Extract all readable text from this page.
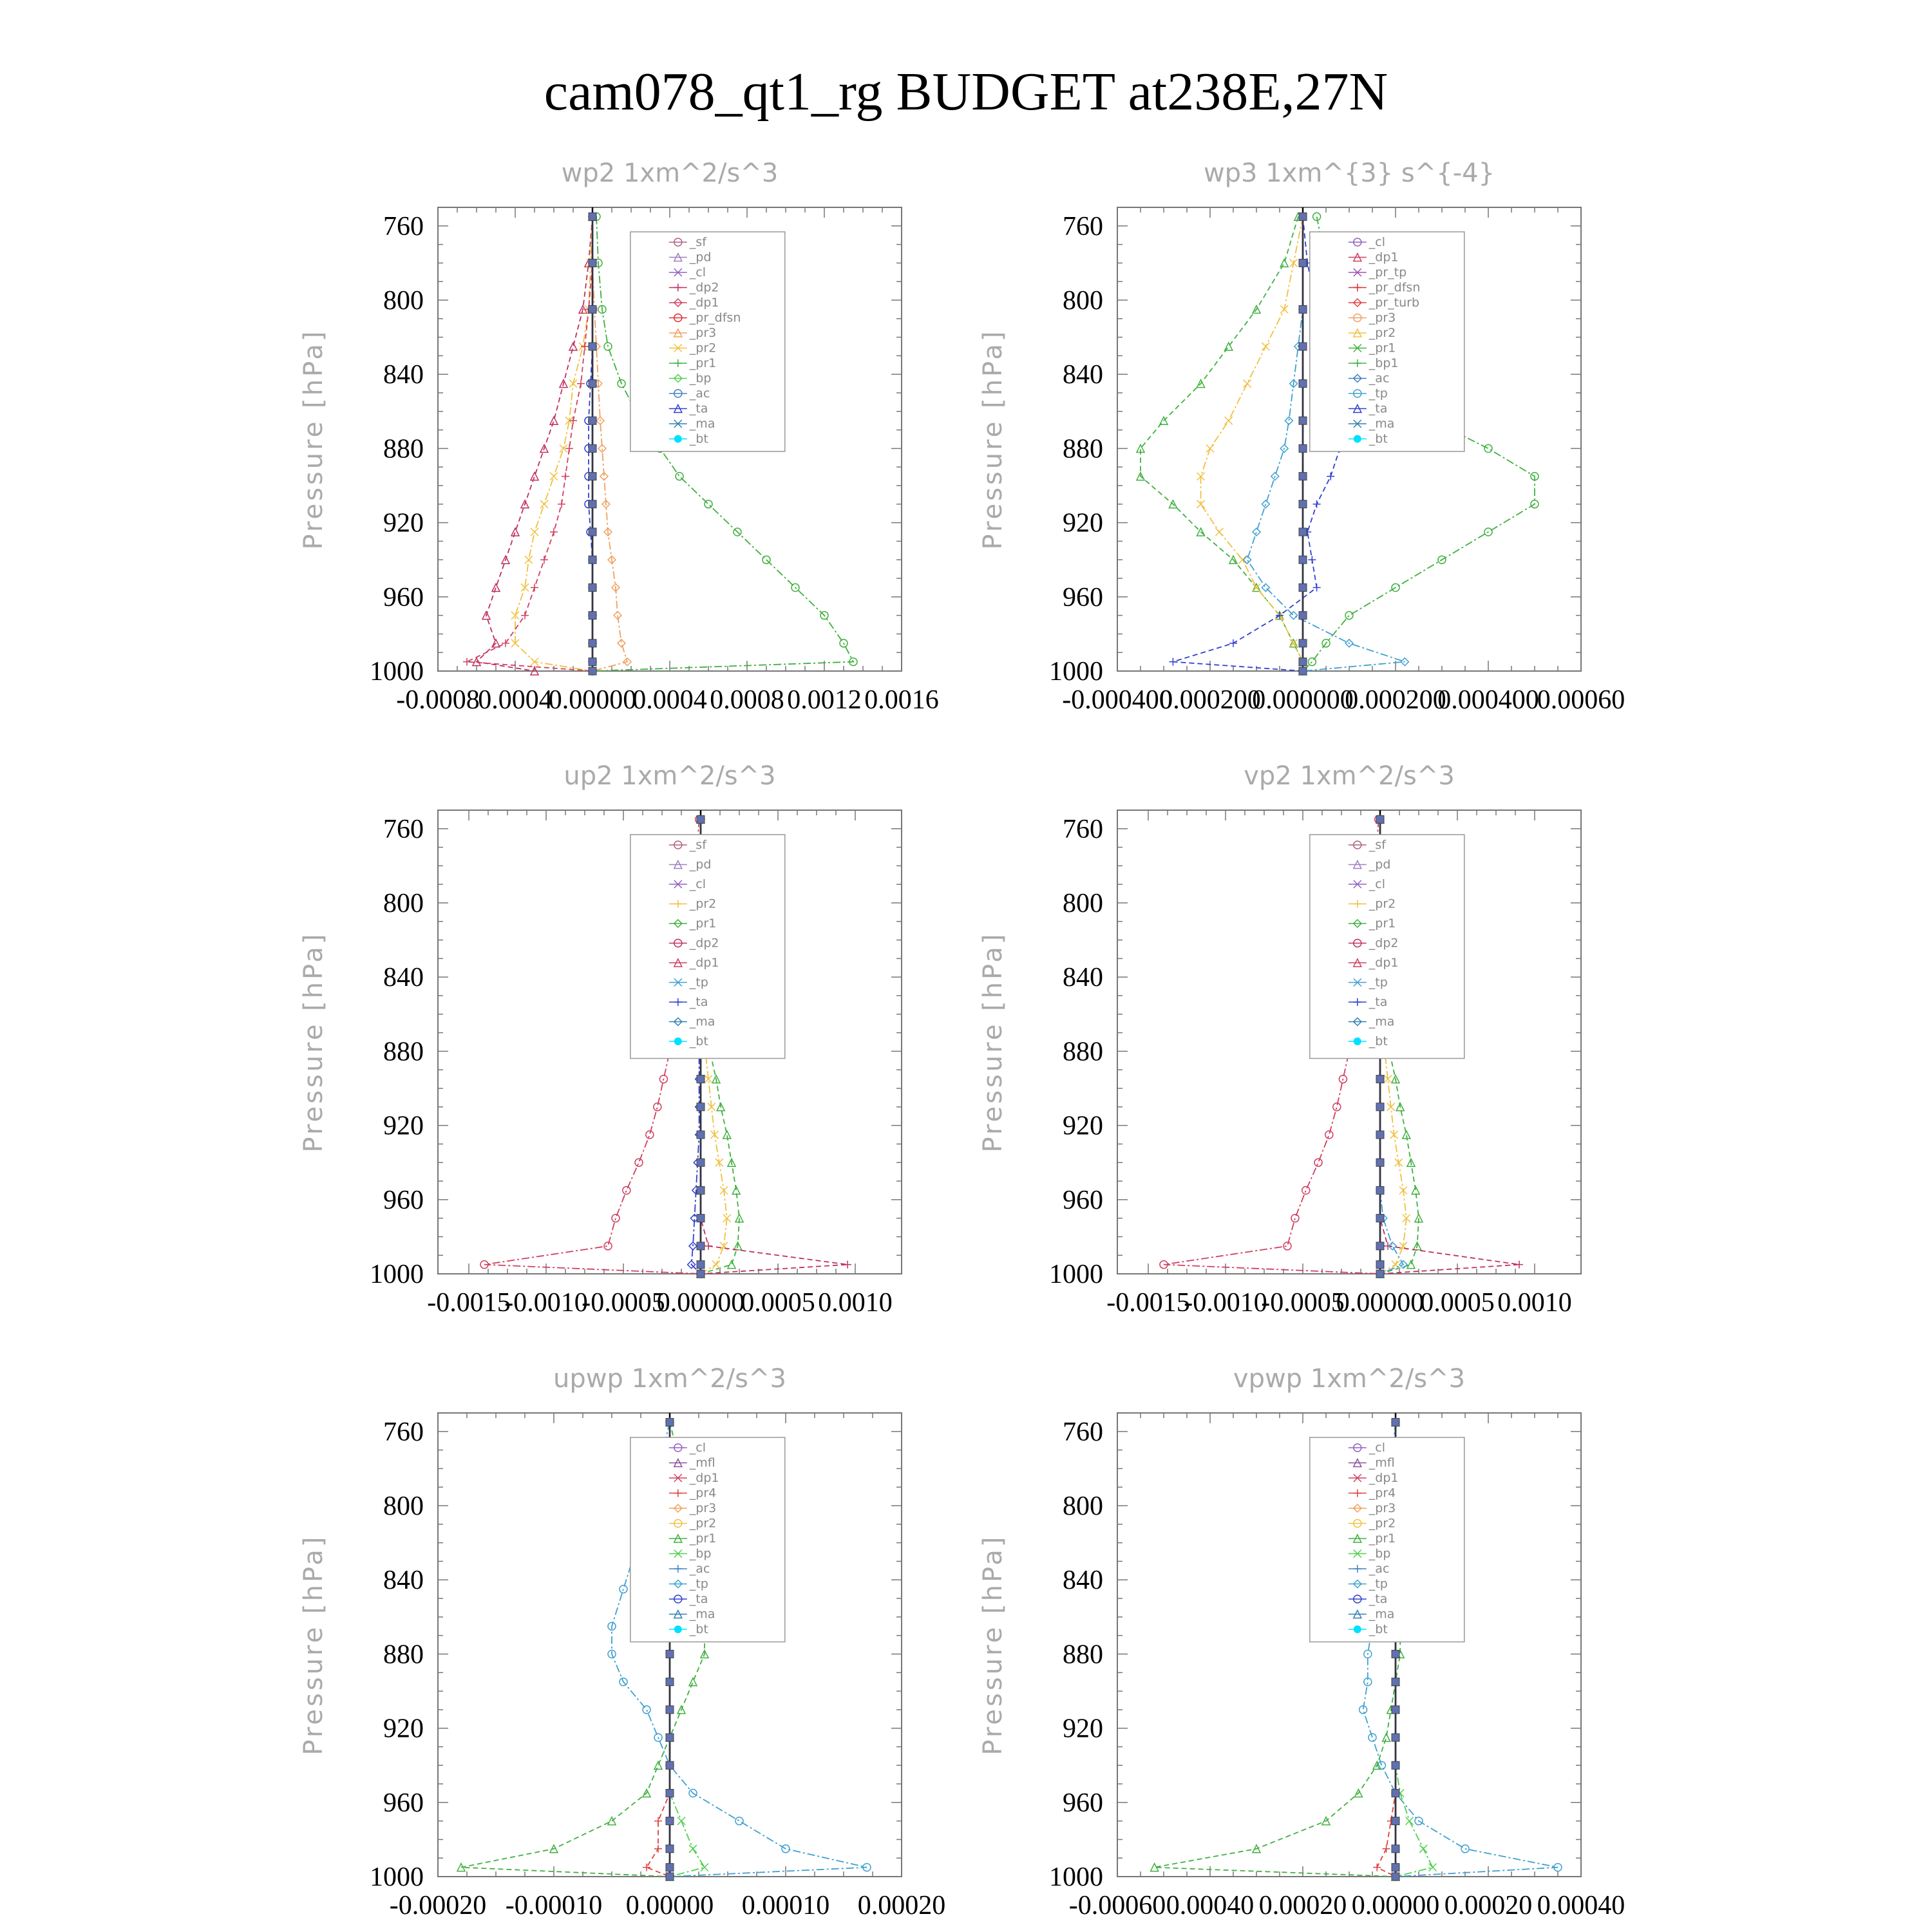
cam078_qt1_rg BUDGET at238E,27N
wp2 1xm^2/s^3
Pressure [hPa]
760
800
840
880
920
960
1000
-0.0008
0.0004
0.00000
0.0004 0.0008 0.0012 0.0016
_sf
_pd
_cl
_dp2
_dp1
_pr_dfsn
_pr3
_pr2
_pr1
_bp
_ac
_ta
_ma
_bt
wp3 1xm^{3} s^{-4}
Pressure [hPa]
760
800
840
880
920
960
1000
-0.000400
0.000200
0.000000
0.000200
0.000400
0.00060
_cl
_dp1
_pr_tp
_pr_dfsn
_pr_turb
_pr3
_pr2
_pr1
_bp1
_ac
_tp
_ta
_ma
_bt
up2 1xm^2/s^3
Pressure [hPa]
760
800
840
880
920
960
1000
-0.0015
-0.0010
-0.0005
0.00000
0.0005 0.0010
_sf
_pd
_cl
_pr2
_pr1
_dp2
_dp1
_tp
_ta
_ma
_bt
vp2 1xm^2/s^3
Pressure [hPa]
760
800
840
880
920
960
1000
-0.0015
-0.0010
-0.0005
0.00000
0.0005 0.0010
_sf
_pd
_cl
_pr2
_pr1
_dp2
_dp1
_tp
_ta
_ma
_bt
upwp 1xm^2/s^3
Pressure [hPa]
760
800
840
880
920
960
1000
-0.00020 -0.00010 0.00000 0.00010 0.00020
_cl
_mfl
_dp1
_pr4
_pr3
_pr2
_pr1
_bp
_ac
_tp
_ta
_ma
_bt
vpwp 1xm^2/s^3
Pressure [hPa]
760
800
840
880
920
960
1000
-0.00060 0.00040 0.00020 0.00000 0.00020 0.00040
_cl
_mfl
_dp1
_pr4
_pr3
_pr2
_pr1
_bp
_ac
_tp
_ta
_ma
_bt
